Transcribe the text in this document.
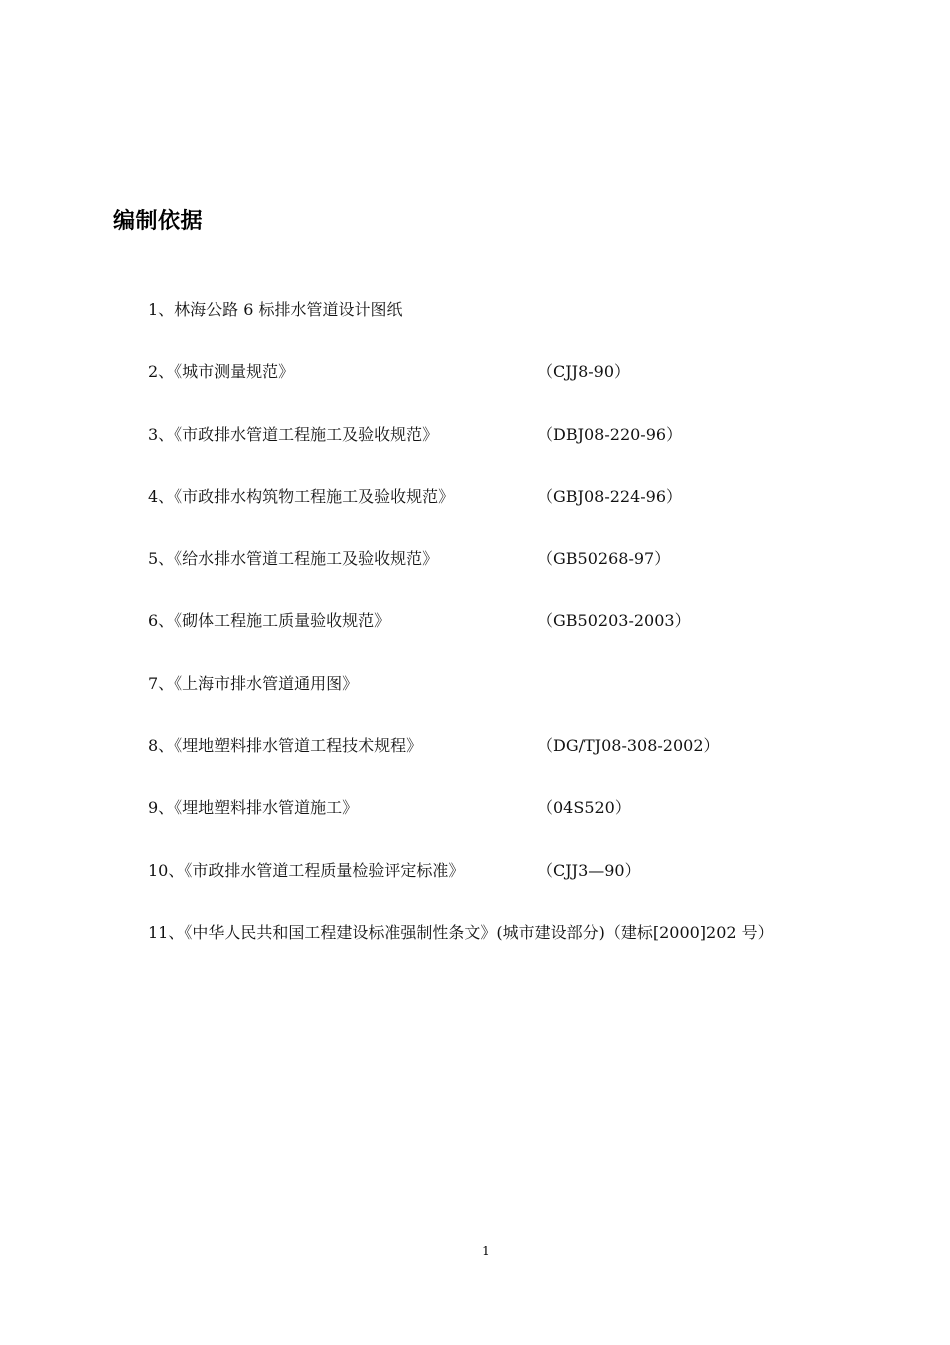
编制依据
1、林海公路 6 标排水管道设计图纸
2、《城市测量规范》	（CJJ8-90）
3、《市政排水管道工程施工及验收规范》	（DBJ08-220-96）
4、《市政排水构筑物工程施工及验收规范》	（GBJ08-224-96）
5、《给水排水管道工程施工及验收规范》	（GB50268-97）
6、《砌体工程施工质量验收规范》	（GB50203-2003）
7、《上海市排水管道通用图》
8、《埋地塑料排水管道工程技术规程》	（DG/TJ08-308-2002）
9、《埋地塑料排水管道施工》	（04S520）
10、《市政排水管道工程质量检验评定标准》	（CJJ3—90）
11、《中华人民共和国工程建设标准强制性条文》(城市建设部分)（建标[2000]202 号）
1
